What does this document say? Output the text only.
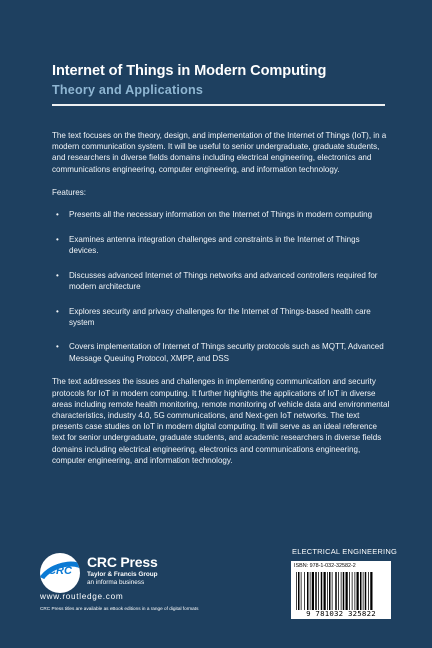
Internet of Things in Modern Computing
Theory and Applications

The text focuses on the theory, design, and implementation of the Internet of Things (IoT), in a modern communication system. It will be useful to senior undergraduate, graduate students, and researchers in diverse fields domains including electrical engineering, electronics and communications engineering, computer engineering, and information technology.

Features:

• Presents all the necessary information on the Internet of Things in modern computing
• Examines antenna integration challenges and constraints in the Internet of Things devices.
• Discusses advanced Internet of Things networks and advanced controllers required for modern architecture
• Explores security and privacy challenges for the Internet of Things-based health care system
• Covers implementation of Internet of Things security protocols such as MQTT, Advanced Message Queuing Protocol, XMPP, and DSS

The text addresses the issues and challenges in implementing communication and security protocols for IoT in modern computing. It further highlights the applications of IoT in diverse areas including remote health monitoring, remote monitoring of vehicle data and environmental characteristics, industry 4.0, 5G communications, and Next-gen IoT networks. The text presents case studies on IoT in modern digital computing. It will serve as an ideal reference text for senior undergraduate, graduate students, and academic researchers in diverse fields domains including electrical engineering, electronics and communications engineering, computer engineering, and information technology.

CRC
CRC Press
Taylor & Francis Group
an informa business
www.routledge.com
CRC Press titles are available as eBook editions in a range of digital formats
ELECTRICAL ENGINEERING
ISBN: 978-1-032-32582-2
9 781032 325822
